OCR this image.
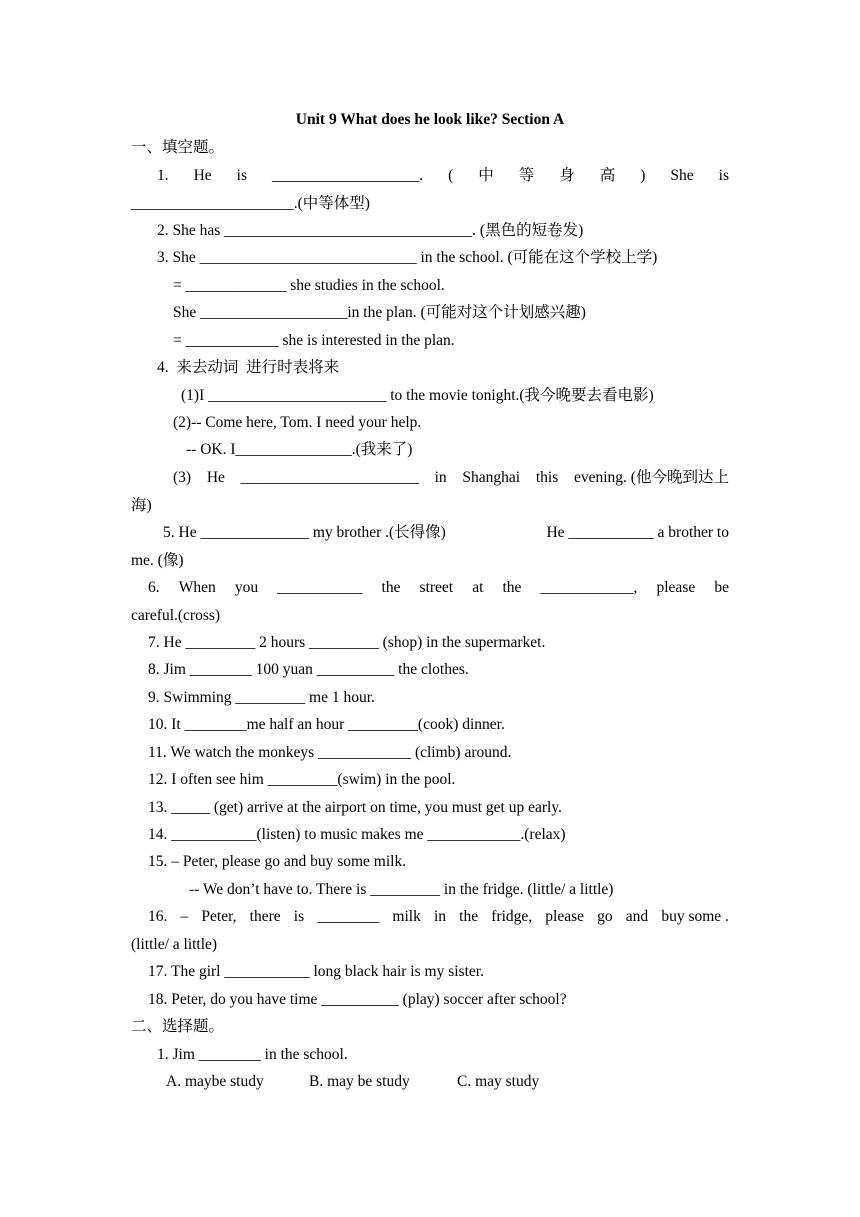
Unit 9 What does he look like? Section A
一、填空题。
1. He is ___________________. ( 中 等 身 高 ) She is
_____________________.(中等体型)
2. She has ________________________________. (黑色的短卷发)
3. She ____________________________ in the school. (可能在这个学校上学)
= _____________ she studies in the school.
She ___________________in the plan. (可能对这个计划感兴趣)
= ____________ she is interested in the plan.
4.  来去动词  进行时表将来
(1)I _______________________ to the movie tonight.(我今晚要去看电影)
(2)-- Come here, Tom. I need your help.
-- OK. I_______________.(我来了)
(3) He _______________________ in Shanghai this evening. (他今晚到达上
海)
5. He ______________ my brother .(长得像)	He ___________ a brother to
me. (像)
6. When you ___________ the street at the ____________, please be
careful.(cross)
7. He _________ 2 hours _________ (shop) in the supermarket.
8. Jim ________ 100 yuan __________ the clothes.
9. Swimming _________ me 1 hour.
10. It ________me half an hour _________(cook) dinner.
11. We watch the monkeys ____________ (climb) around.
12. I often see him _________(swim) in the pool.
13. _____ (get) arrive at the airport on time, you must get up early.
14. ___________(listen) to music makes me ____________.(relax)
15. – Peter, please go and buy some milk.
-- We don’t have to. There is _________ in the fridge. (little/ a little)
16. – Peter, there is ________ milk in the fridge, please go and buy some .
(little/ a little)
17. The girl ___________ long black hair is my sister.
18. Peter, do you have time __________ (play) soccer after school?
二、选择题。
1. Jim ________ in the school.
A. maybe study	B. may be study	C. may study
